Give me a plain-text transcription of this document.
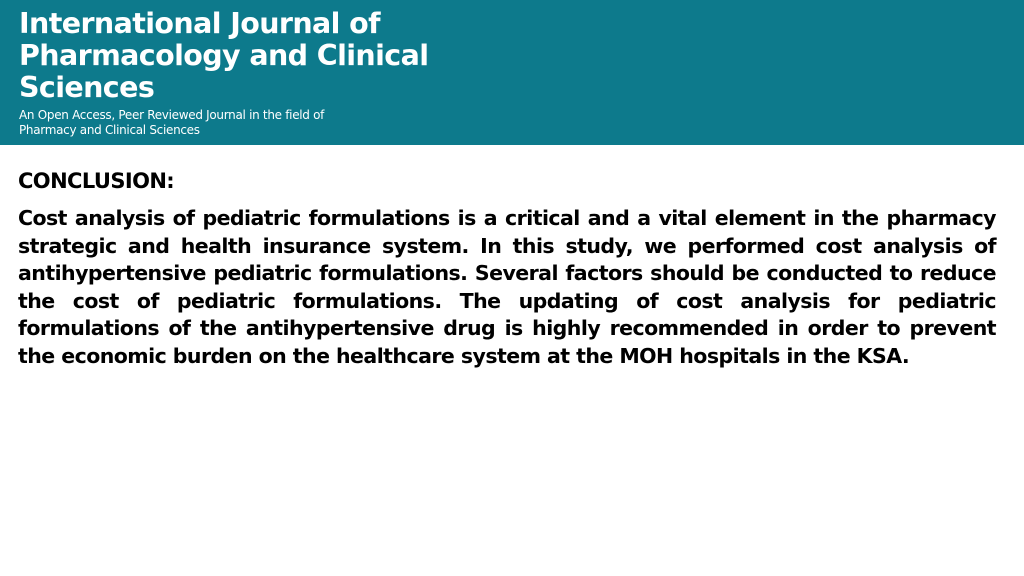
International Journal of Pharmacology and Clinical Sciences

An Open Access, Peer Reviewed Journal in the field of Pharmacy and Clinical Sciences

CONCLUSION:

Cost analysis of pediatric formulations is a critical and a vital element in the pharmacy strategic and health insurance system. In this study, we performed cost analysis of antihypertensive pediatric formulations. Several factors should be conducted to reduce the cost of pediatric formulations. The updating of cost analysis for pediatric formulations of the antihypertensive drug is highly recommended in order to prevent the economic burden on the healthcare system at the MOH hospitals in the KSA.
